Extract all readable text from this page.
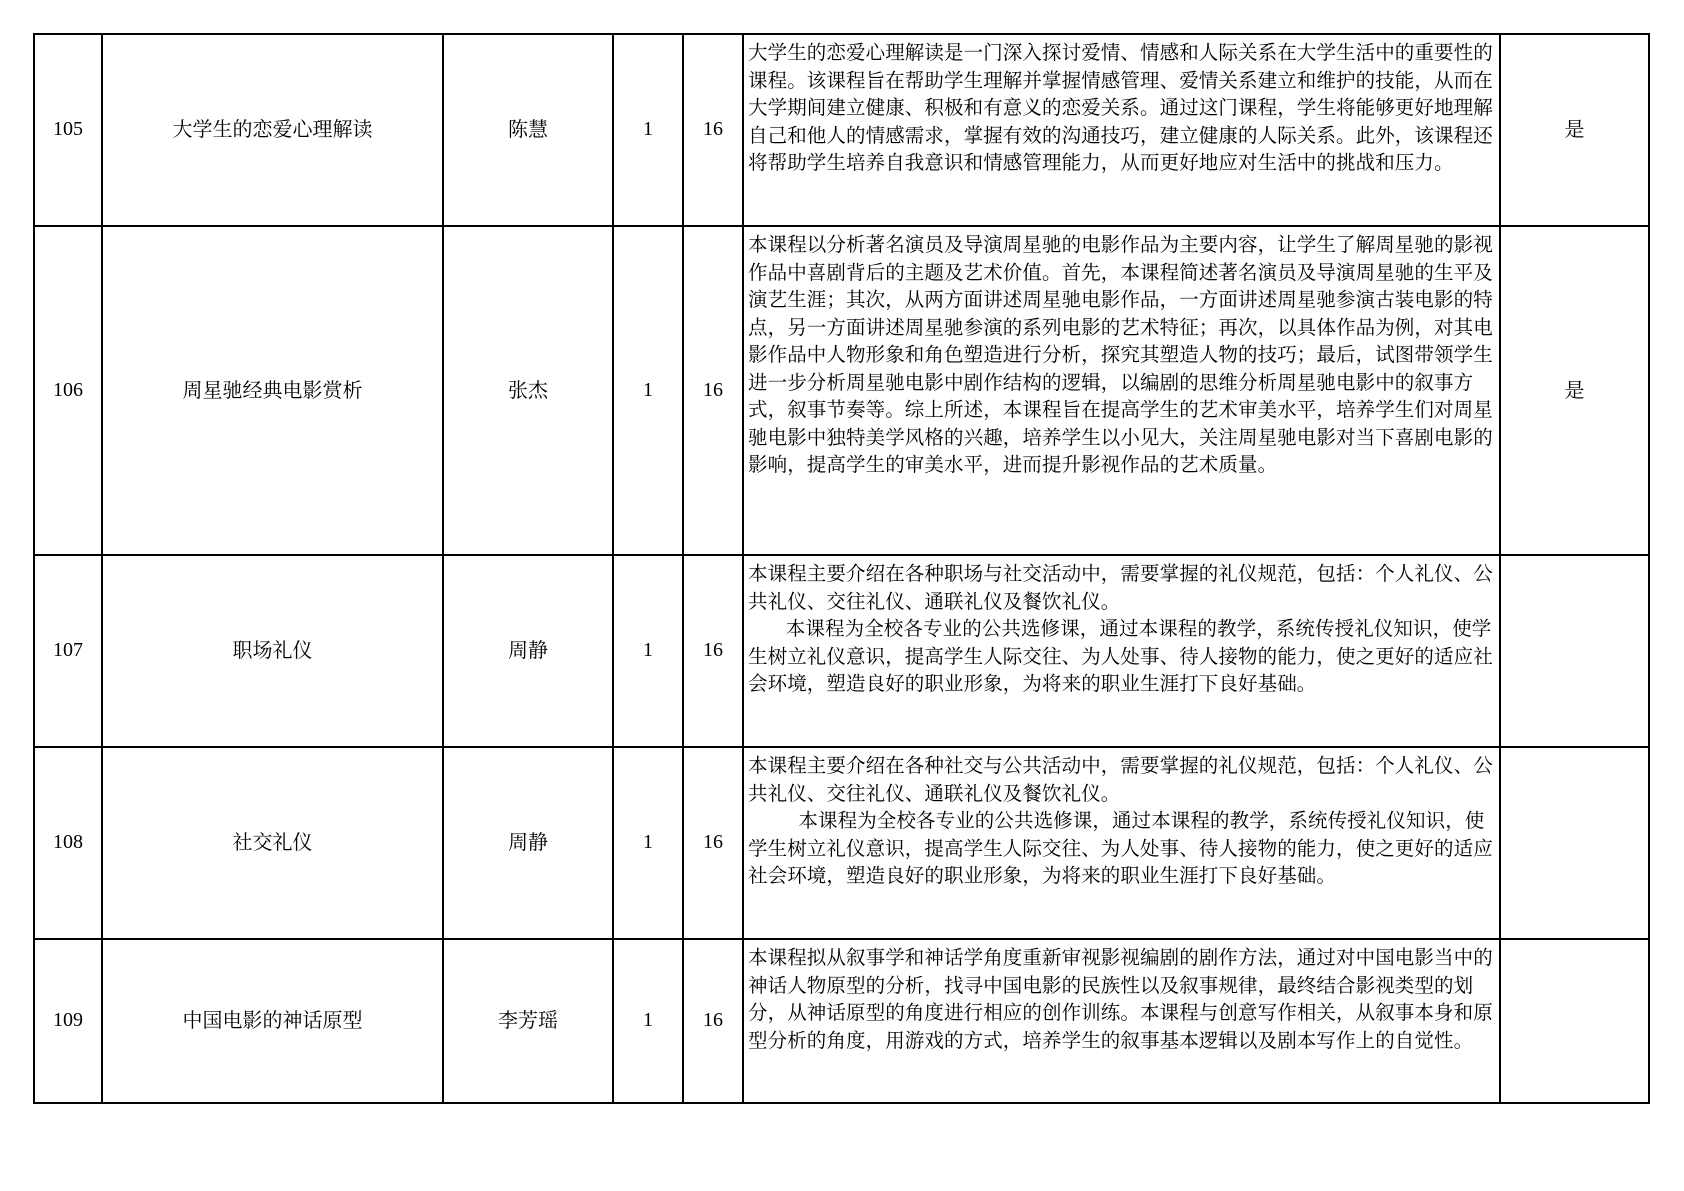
105	大学生的恋爱心理解读	陈慧	1	16	大学生的恋爱心理解读是一门深入探讨爱情、情感和人际关系在大学生活中的重要性的课程。该课程旨在帮助学生理解并掌握情感管理、爱情关系建立和维护的技能，从而在大学期间建立健康、积极和有意义的恋爱关系。通过这门课程，学生将能够更好地理解自己和他人的情感需求，掌握有效的沟通技巧，建立健康的人际关系。此外，该课程还将帮助学生培养自我意识和情感管理能力，从而更好地应对生活中的挑战和压力。	是
106	周星驰经典电影赏析	张杰	1	16	本课程以分析著名演员及导演周星驰的电影作品为主要内容，让学生了解周星驰的影视作品中喜剧背后的主题及艺术价值。首先，本课程简述著名演员及导演周星驰的生平及演艺生涯；其次，从两方面讲述周星驰电影作品，一方面讲述周星驰参演古装电影的特点，另一方面讲述周星驰参演的系列电影的艺术特征；再次，以具体作品为例，对其电影作品中人物形象和角色塑造进行分析，探究其塑造人物的技巧；最后，试图带领学生进一步分析周星驰电影中剧作结构的逻辑，以编剧的思维分析周星驰电影中的叙事方式，叙事节奏等。综上所述，本课程旨在提高学生的艺术审美水平，培养学生们对周星驰电影中独特美学风格的兴趣，培养学生以小见大，关注周星驰电影对当下喜剧电影的影响，提高学生的审美水平，进而提升影视作品的艺术质量。	是
107	职场礼仪	周静	1	16	本课程主要介绍在各种职场与社交活动中，需要掌握的礼仪规范，包括：个人礼仪、公共礼仪、交往礼仪、通联礼仪及餐饮礼仪。
本课程为全校各专业的公共选修课，通过本课程的教学，系统传授礼仪知识，使学生树立礼仪意识，提高学生人际交往、为人处事、待人接物的能力，使之更好的适应社会环境，塑造良好的职业形象，为将来的职业生涯打下良好基础。	
108	社交礼仪	周静	1	16	本课程主要介绍在各种社交与公共活动中，需要掌握的礼仪规范，包括：个人礼仪、公共礼仪、交往礼仪、通联礼仪及餐饮礼仪。
本课程为全校各专业的公共选修课，通过本课程的教学，系统传授礼仪知识，使学生树立礼仪意识，提高学生人际交往、为人处事、待人接物的能力，使之更好的适应社会环境，塑造良好的职业形象，为将来的职业生涯打下良好基础。	
109	中国电影的神话原型	李芳瑶	1	16	本课程拟从叙事学和神话学角度重新审视影视编剧的剧作方法，通过对中国电影当中的神话人物原型的分析，找寻中国电影的民族性以及叙事规律，最终结合影视类型的划分，从神话原型的角度进行相应的创作训练。本课程与创意写作相关，从叙事本身和原型分析的角度，用游戏的方式，培养学生的叙事基本逻辑以及剧本写作上的自觉性。	
